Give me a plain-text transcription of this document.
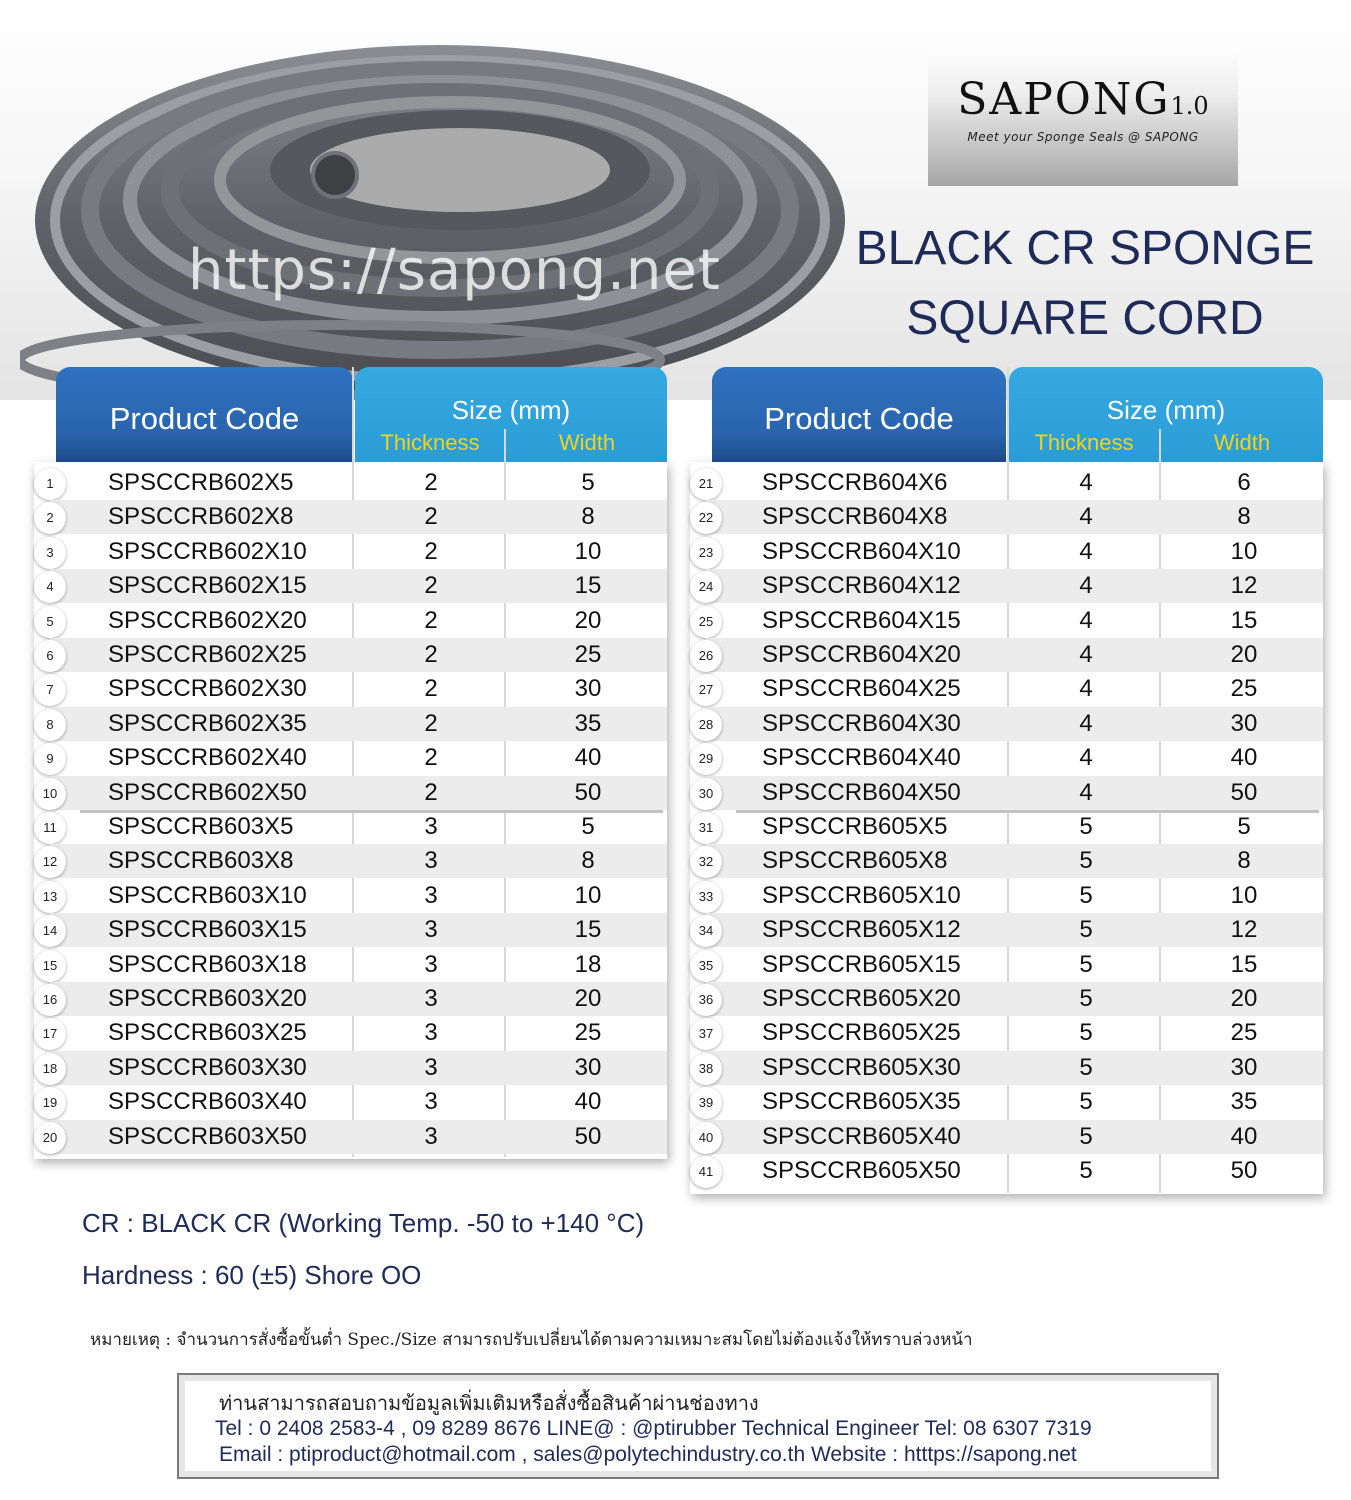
https://sapong.net
SAPONG1.0
Meet your Sponge Seals @ SAPONG
BLACK CR SPONGE
SQUARE CORD
Product Code	Size (mm)
Thickness	Width
1	SPSCCRB602X5	2	5
2	SPSCCRB602X8	2	8
3	SPSCCRB602X10	2	10
4	SPSCCRB602X15	2	15
5	SPSCCRB602X20	2	20
6	SPSCCRB602X25	2	25
7	SPSCCRB602X30	2	30
8	SPSCCRB602X35	2	35
9	SPSCCRB602X40	2	40
10	SPSCCRB602X50	2	50
11	SPSCCRB603X5	3	5
12	SPSCCRB603X8	3	8
13	SPSCCRB603X10	3	10
14	SPSCCRB603X15	3	15
15	SPSCCRB603X18	3	18
16	SPSCCRB603X20	3	20
17	SPSCCRB603X25	3	25
18	SPSCCRB603X30	3	30
19	SPSCCRB603X40	3	40
20	SPSCCRB603X50	3	50
Product Code	Size (mm)
Thickness	Width
21	SPSCCRB604X6	4	6
22	SPSCCRB604X8	4	8
23	SPSCCRB604X10	4	10
24	SPSCCRB604X12	4	12
25	SPSCCRB604X15	4	15
26	SPSCCRB604X20	4	20
27	SPSCCRB604X25	4	25
28	SPSCCRB604X30	4	30
29	SPSCCRB604X40	4	40
30	SPSCCRB604X50	4	50
31	SPSCCRB605X5	5	5
32	SPSCCRB605X8	5	8
33	SPSCCRB605X10	5	10
34	SPSCCRB605X12	5	12
35	SPSCCRB605X15	5	15
36	SPSCCRB605X20	5	20
37	SPSCCRB605X25	5	25
38	SPSCCRB605X30	5	30
39	SPSCCRB605X35	5	35
40	SPSCCRB605X40	5	40
41	SPSCCRB605X50	5	50
CR : BLACK CR (Working Temp. -50 to +140 °C)
Hardness : 60 (±5) Shore OO
หมายเหตุ : จำนวนการสั่งซื้อขั้นต่ำ Spec./Size สามารถปรับเปลี่ยนได้ตามความเหมาะสมโดยไม่ต้องแจ้งให้ทราบล่วงหน้า
ท่านสามารถสอบถามข้อมูลเพิ่มเติมหรือสั่งซื้อสินค้าผ่านช่องทาง
Tel : 0 2408 2583-4 , 09 8289 8676 LINE@ : @ptirubber Technical Engineer Tel: 08 6307 7319
Email : ptiproduct@hotmail.com , sales@polytechindustry.co.th Website : htttps://sapong.net
